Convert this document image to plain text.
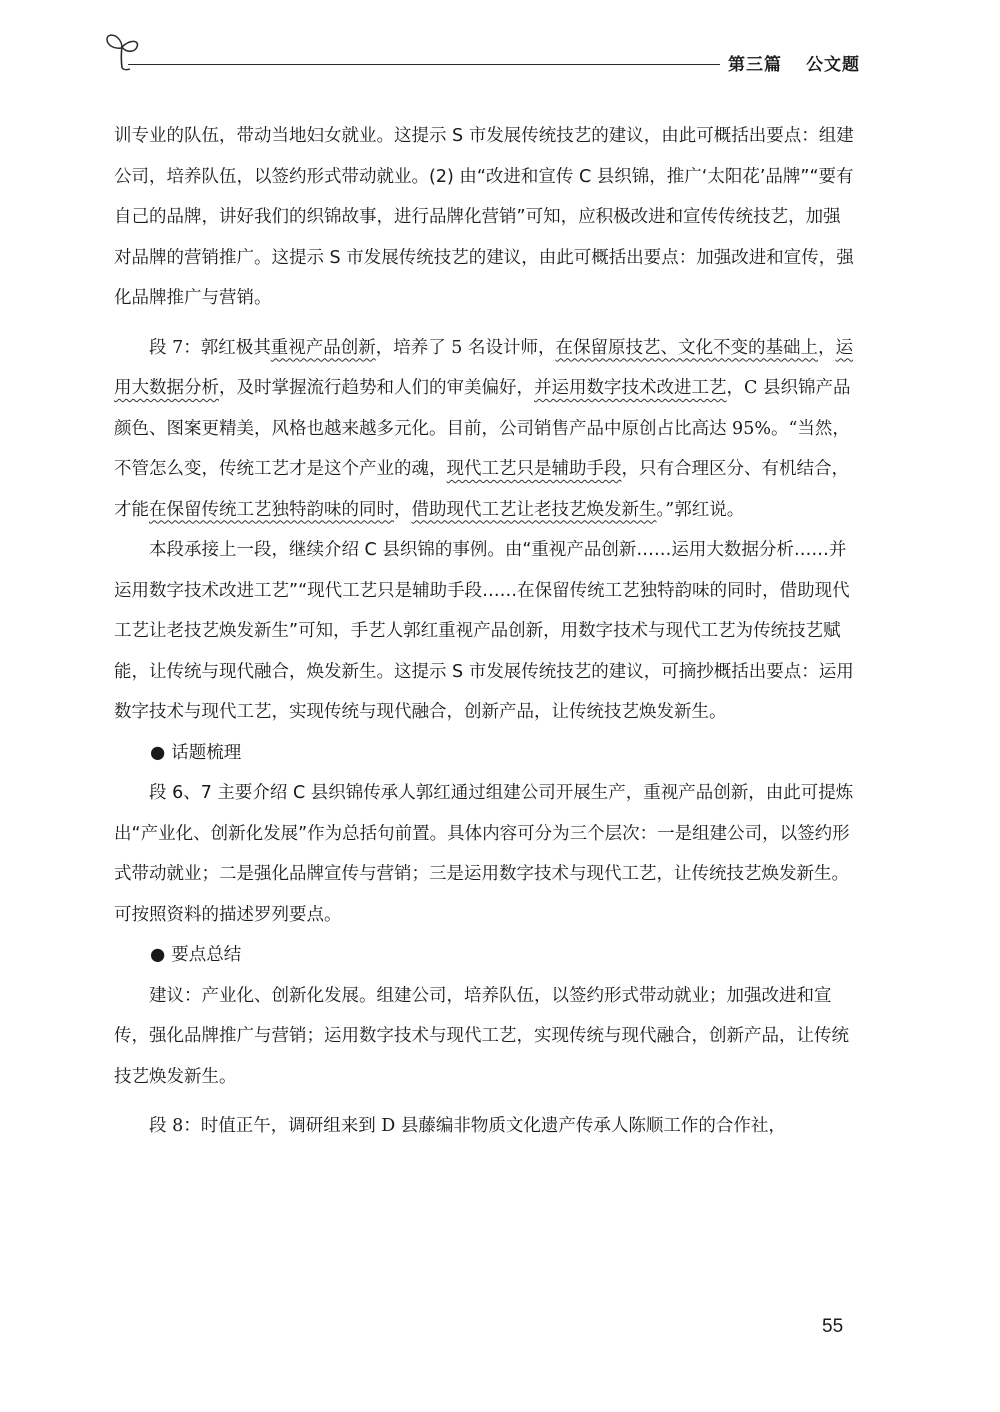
第三篇 公文题

训专业的队伍，带动当地妇女就业。这提示 S 市发展传统技艺的建议，由此可概括出要点：组建公司，培养队伍，以签约形式带动就业。(2) 由“改进和宣传 C 县织锦，推广‘太阳花’品牌”“要有自己的品牌，讲好我们的织锦故事，进行品牌化营销”可知，应积极改进和宣传传统技艺，加强对品牌的营销推广。这提示 S 市发展传统技艺的建议，由此可概括出要点：加强改进和宣传，强化品牌推广与营销。

段 7：郭红极其重视产品创新，培养了 5 名设计师，在保留原技艺、文化不变的基础上，运用大数据分析，及时掌握流行趋势和人们的审美偏好，并运用数字技术改进工艺，C 县织锦产品颜色、图案更精美，风格也越来越多元化。目前，公司销售产品中原创占比高达 95%。“当然，不管怎么变，传统工艺才是这个产业的魂，现代工艺只是辅助手段，只有合理区分、有机结合，才能在保留传统工艺独特韵味的同时，借助现代工艺让老技艺焕发新生。”郭红说。

本段承接上一段，继续介绍 C 县织锦的事例。由“重视产品创新……运用大数据分析……并运用数字技术改进工艺”“现代工艺只是辅助手段……在保留传统工艺独特韵味的同时，借助现代工艺让老技艺焕发新生”可知，手艺人郭红重视产品创新，用数字技术与现代工艺为传统技艺赋能，让传统与现代融合，焕发新生。这提示 S 市发展传统技艺的建议，可摘抄概括出要点：运用数字技术与现代工艺，实现传统与现代融合，创新产品，让传统技艺焕发新生。

● 话题梳理

段 6、7 主要介绍 C 县织锦传承人郭红通过组建公司开展生产，重视产品创新，由此可提炼出“产业化、创新化发展”作为总括句前置。具体内容可分为三个层次：一是组建公司，以签约形式带动就业；二是强化品牌宣传与营销；三是运用数字技术与现代工艺，让传统技艺焕发新生。可按照资料的描述罗列要点。

● 要点总结

建议：产业化、创新化发展。组建公司，培养队伍，以签约形式带动就业；加强改进和宣传，强化品牌推广与营销；运用数字技术与现代工艺，实现传统与现代融合，创新产品，让传统技艺焕发新生。

段 8：时值正午，调研组来到 D 县藤编非物质文化遗产传承人陈顺工作的合作社，

55
